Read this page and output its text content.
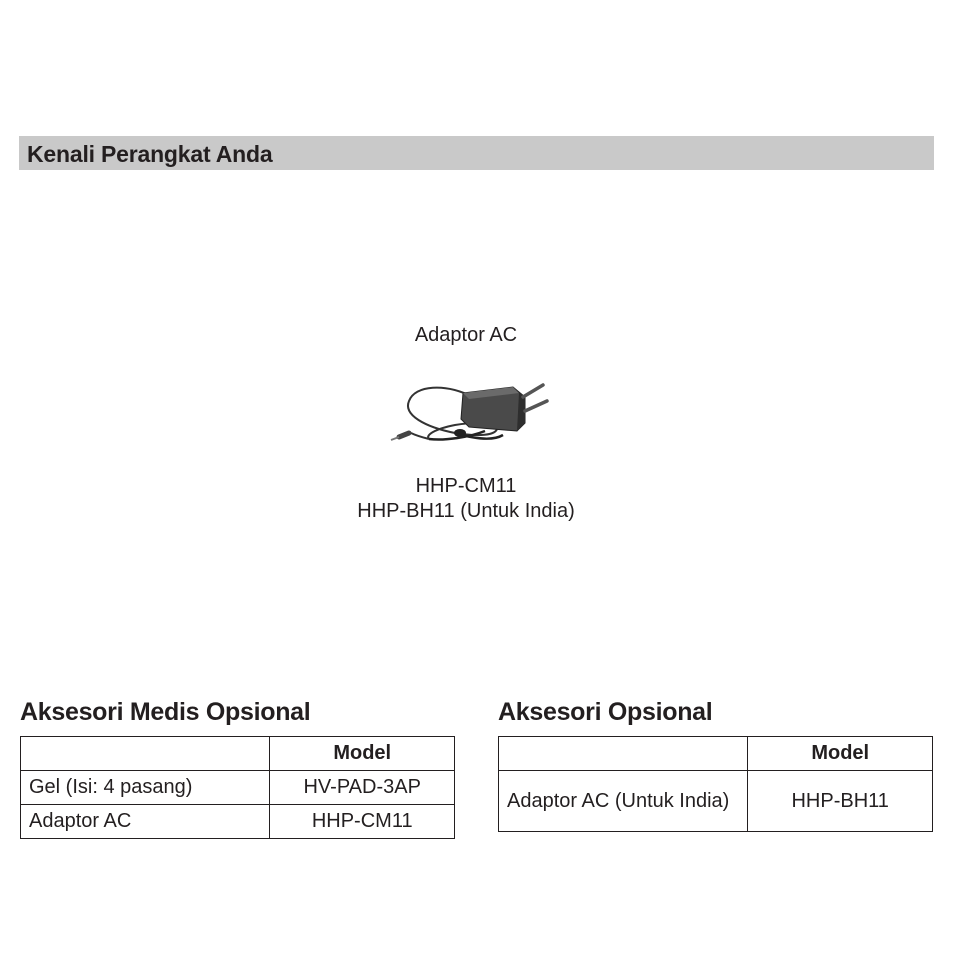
Kenali Perangkat Anda
Adaptor AC
HHP-CM11
HHP-BH11 (Untuk India)
Aksesori Medis Opsional
	Model
Gel (Isi: 4 pasang)	HV-PAD-3AP
Adaptor AC	HHP-CM11
Aksesori Opsional
	Model
Adaptor AC (Untuk India)	HHP-BH11
